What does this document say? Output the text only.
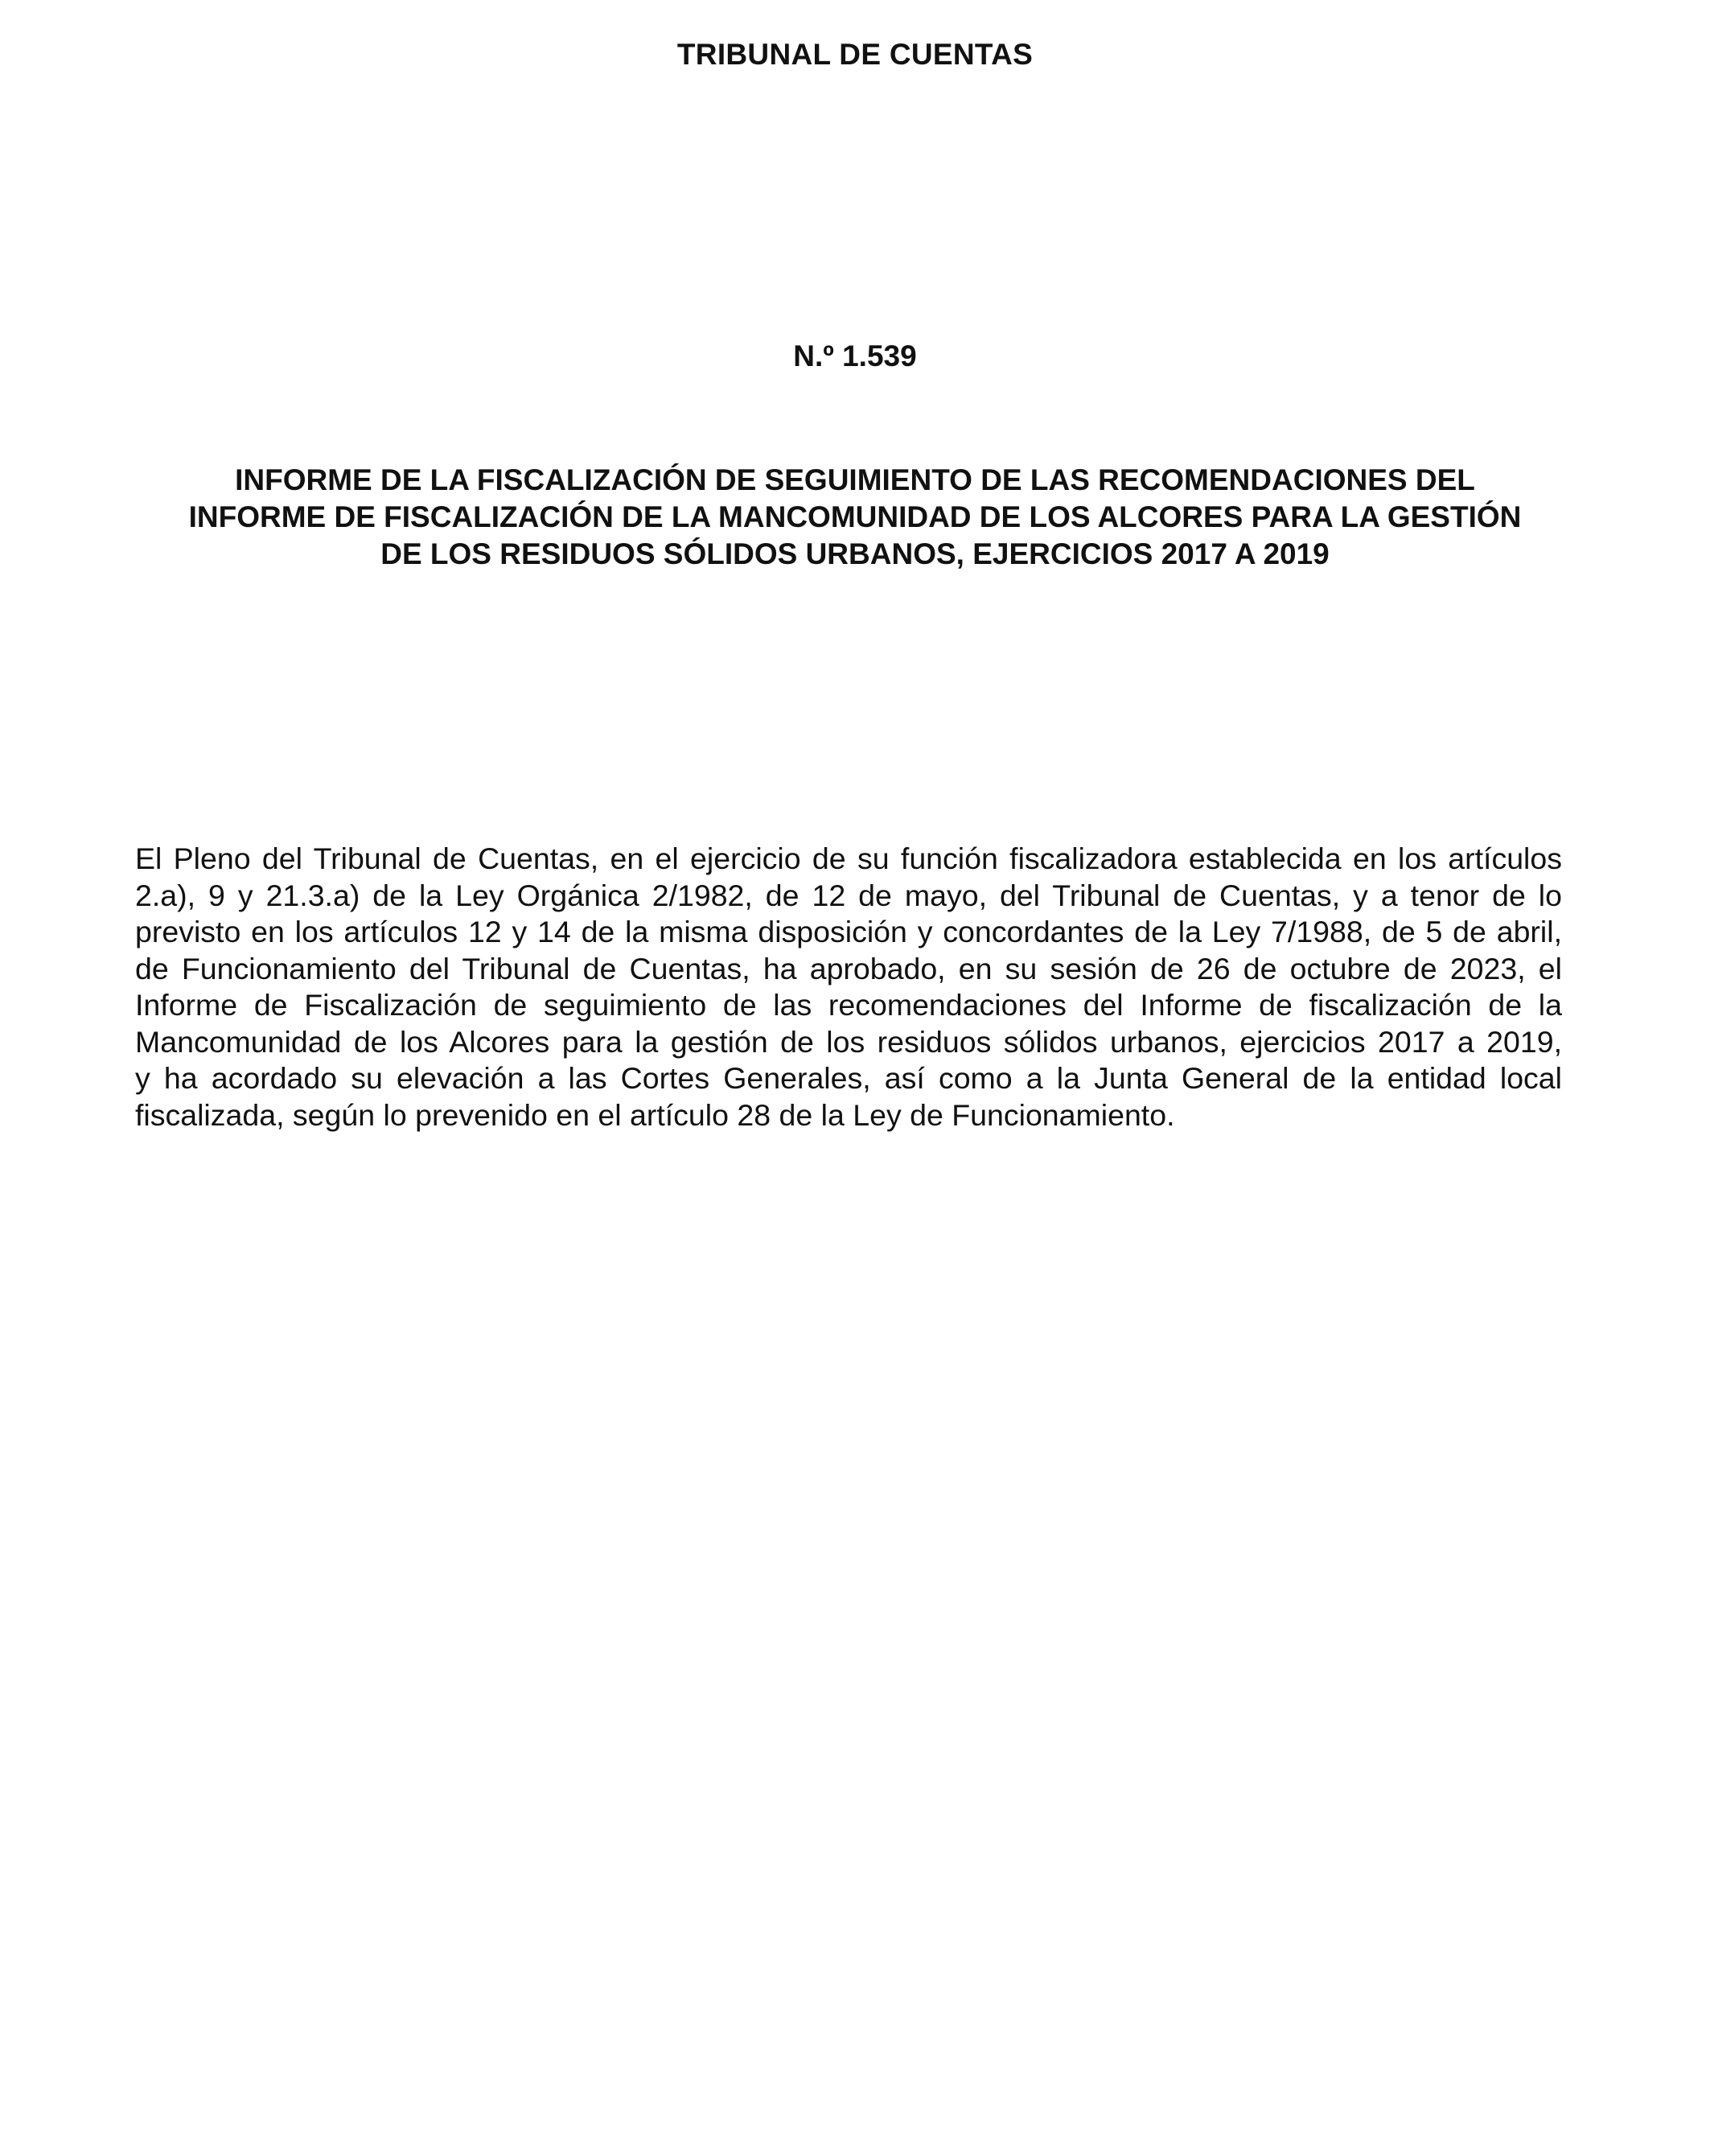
TRIBUNAL DE CUENTAS
N.º 1.539
INFORME DE LA FISCALIZACIÓN DE SEGUIMIENTO DE LAS RECOMENDACIONES DEL
INFORME DE FISCALIZACIÓN DE LA MANCOMUNIDAD DE LOS ALCORES PARA LA GESTIÓN
DE LOS RESIDUOS SÓLIDOS URBANOS, EJERCICIOS 2017 A 2019
El Pleno del Tribunal de Cuentas, en el ejercicio de su función fiscalizadora establecida en los artículos
2.a), 9 y 21.3.a) de la Ley Orgánica 2/1982, de 12 de mayo, del Tribunal de Cuentas, y a tenor de lo
previsto en los artículos 12 y 14 de la misma disposición y concordantes de la Ley 7/1988, de 5 de abril,
de Funcionamiento del Tribunal de Cuentas, ha aprobado, en su sesión de 26 de octubre de 2023, el
Informe de Fiscalización de seguimiento de las recomendaciones del Informe de fiscalización de la
Mancomunidad de los Alcores para la gestión de los residuos sólidos urbanos, ejercicios 2017 a 2019,
y ha acordado su elevación a las Cortes Generales, así como a la Junta General de la entidad local
fiscalizada, según lo prevenido en el artículo 28 de la Ley de Funcionamiento.
